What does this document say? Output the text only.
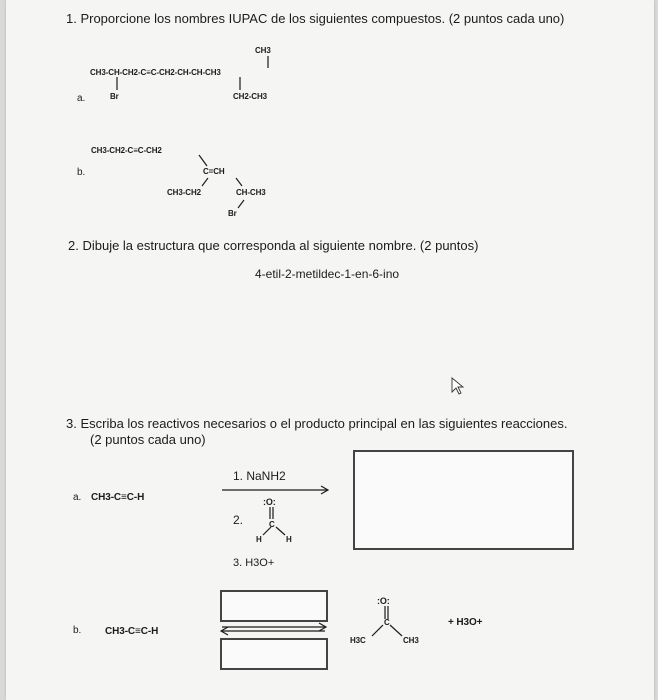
1. Proporcione los nombres IUPAC de los siguientes compuestos. (2 puntos cada uno)
CH3
CH3-CH-CH2-C≡C-CH2-CH-CH-CH3
a.	Br	CH2-CH3
CH3-CH2-C≡C-CH2
b.	C=CH
CH3-CH2	CH-CH3
Br
2. Dibuje la estructura que corresponda al siguiente nombre. (2 puntos)
4-etil-2-metildec-1-en-6-ino
3. Escriba los reactivos necesarios o el producto principal en las siguientes reacciones.
(2 puntos cada uno)
1. NaNH2
a. CH3-C≡C-H	:O:
2.	C
H	H
3. H3O+
b. CH3-C≡C-H
:O:
C
H3C	CH3
+ H3O+
